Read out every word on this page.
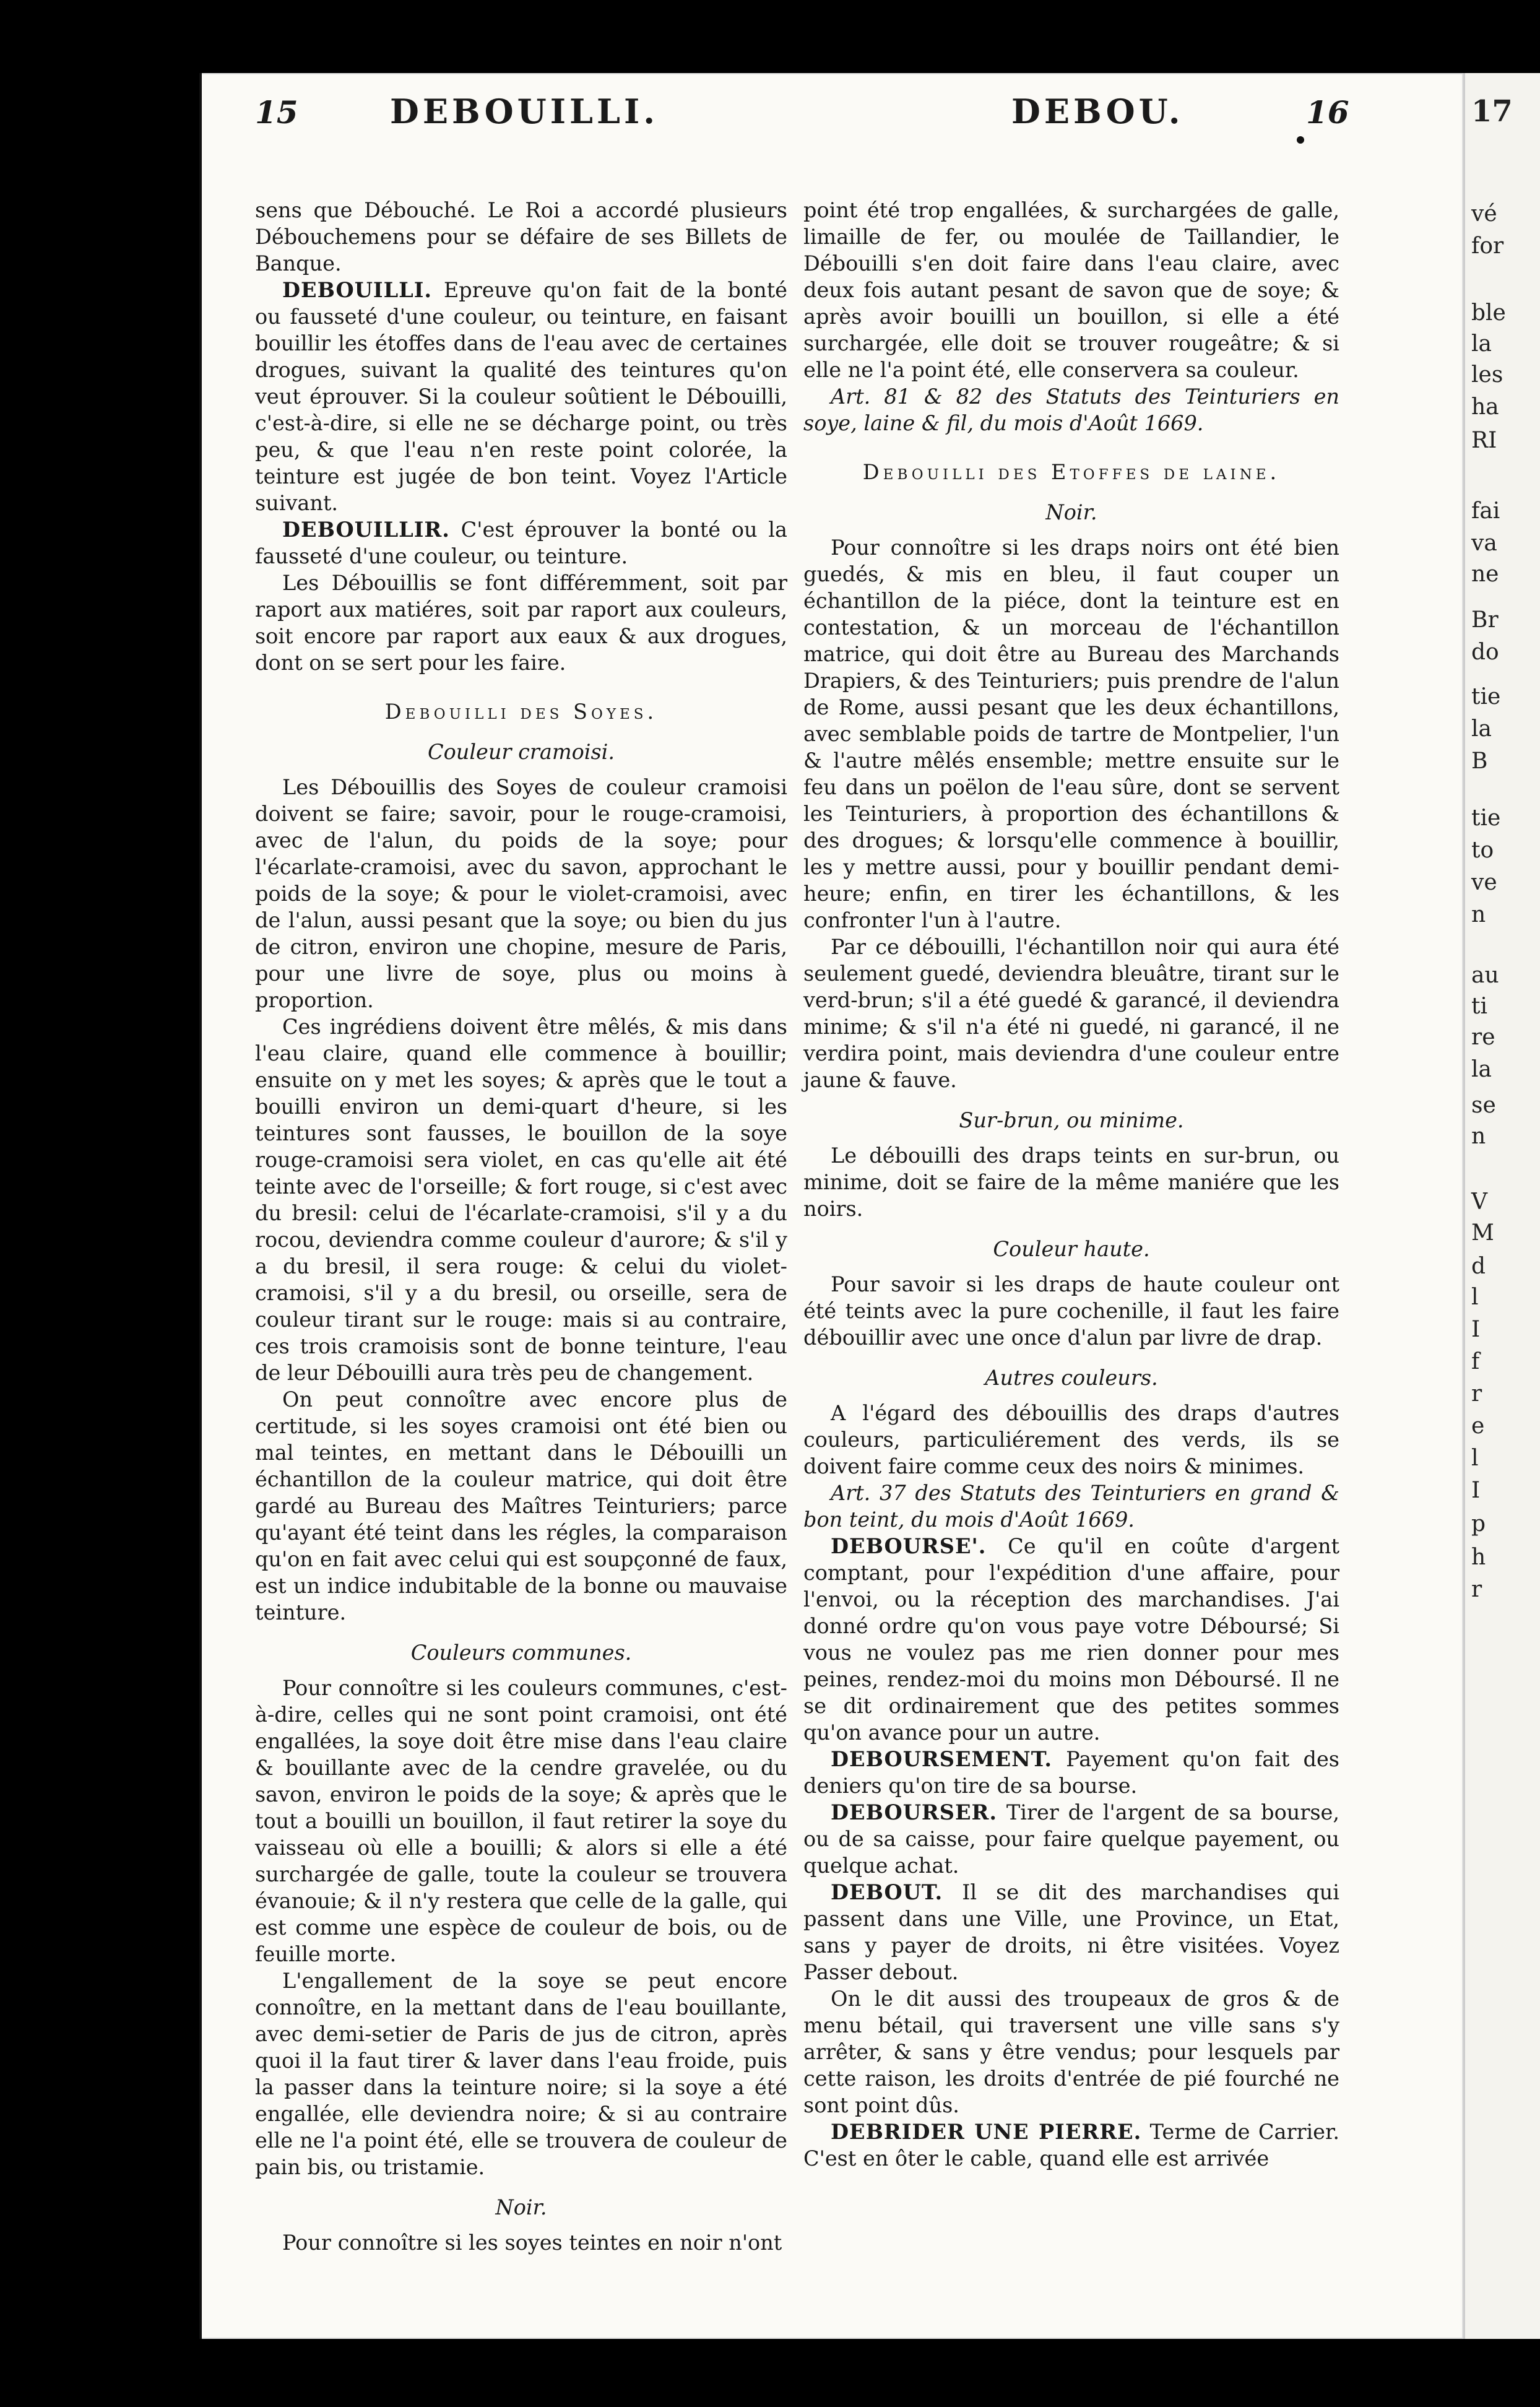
17
vé
for
ble
la
les
ha
RI
fai
va
ne
Br
do
tie
la
B
tie
to
ve
n
au
ti
re
la
se
n
V
M
d
l
I
f
r
e
l
I
p
h
r
15	DEBOUILLI.	DEBOU.	16

sens que Débouché. Le Roi a accordé plusieurs Débouchemens pour se défaire de ses Billets de Banque.

DEBOUILLI. Epreuve qu'on fait de la bonté ou fausseté d'une couleur, ou teinture, en faisant bouillir les étoffes dans de l'eau avec de certaines drogues, suivant la qualité des teintures qu'on veut éprouver. Si la couleur soûtient le Débouilli, c'est-à-dire, si elle ne se décharge point, ou très peu, & que l'eau n'en reste point colorée, la teinture est jugée de bon teint. Voyez l'Article suivant.

DEBOUILLIR. C'est éprouver la bonté ou la fausseté d'une couleur, ou teinture.

Les Débouillis se font différemment, soit par raport aux matiéres, soit par raport aux couleurs, soit encore par raport aux eaux & aux drogues, dont on se sert pour les faire.

Debouilli des Soyes.

Couleur cramoisi.

Les Débouillis des Soyes de couleur cramoisi doivent se faire; savoir, pour le rouge-cramoisi, avec de l'alun, du poids de la soye; pour l'écarlate-cramoisi, avec du savon, approchant le poids de la soye; & pour le violet-cramoisi, avec de l'alun, aussi pesant que la soye; ou bien du jus de citron, environ une chopine, mesure de Paris, pour une livre de soye, plus ou moins à proportion.

Ces ingrédiens doivent être mêlés, & mis dans l'eau claire, quand elle commence à bouillir; ensuite on y met les soyes; & après que le tout a bouilli environ un demi-quart d'heure, si les teintures sont fausses, le bouillon de la soye rouge-cramoisi sera violet, en cas qu'elle ait été teinte avec de l'orseille; & fort rouge, si c'est avec du bresil: celui de l'écarlate-cramoisi, s'il y a du rocou, deviendra comme couleur d'aurore; & s'il y a du bresil, il sera rouge: & celui du violet-cramoisi, s'il y a du bresil, ou orseille, sera de couleur tirant sur le rouge: mais si au contraire, ces trois cramoisis sont de bonne teinture, l'eau de leur Débouilli aura très peu de changement.

On peut connoître avec encore plus de certitude, si les soyes cramoisi ont été bien ou mal teintes, en mettant dans le Débouilli un échantillon de la couleur matrice, qui doit être gardé au Bureau des Maîtres Teinturiers; parce qu'ayant été teint dans les régles, la comparaison qu'on en fait avec celui qui est soupçonné de faux, est un indice indubitable de la bonne ou mauvaise teinture.

Couleurs communes.

Pour connoître si les couleurs communes, c'est-à-dire, celles qui ne sont point cramoisi, ont été engallées, la soye doit être mise dans l'eau claire & bouillante avec de la cendre gravelée, ou du savon, environ le poids de la soye; & après que le tout a bouilli un bouillon, il faut retirer la soye du vaisseau où elle a bouilli; & alors si elle a été surchargée de galle, toute la couleur se trouvera évanouie; & il n'y restera que celle de la galle, qui est comme une espèce de couleur de bois, ou de feuille morte.

L'engallement de la soye se peut encore connoître, en la mettant dans de l'eau bouillante, avec demi-setier de Paris de jus de citron, après quoi il la faut tirer & laver dans l'eau froide, puis la passer dans la teinture noire; si la soye a été engallée, elle deviendra noire; & si au contraire elle ne l'a point été, elle se trouvera de couleur de pain bis, ou tristamie.

Noir.

Pour connoître si les soyes teintes en noir n'ont

point été trop engallées, & surchargées de galle, limaille de fer, ou moulée de Taillandier, le Débouilli s'en doit faire dans l'eau claire, avec deux fois autant pesant de savon que de soye; & après avoir bouilli un bouillon, si elle a été surchargée, elle doit se trouver rougeâtre; & si elle ne l'a point été, elle conservera sa couleur.

Art. 81 & 82 des Statuts des Teinturiers en soye, laine & fil, du mois d'Août 1669.

Debouilli des Etoffes de laine.

Noir.

Pour connoître si les draps noirs ont été bien guedés, & mis en bleu, il faut couper un échantillon de la piéce, dont la teinture est en contestation, & un morceau de l'échantillon matrice, qui doit être au Bureau des Marchands Drapiers, & des Teinturiers; puis prendre de l'alun de Rome, aussi pesant que les deux échantillons, avec semblable poids de tartre de Montpelier, l'un & l'autre mêlés ensemble; mettre ensuite sur le feu dans un poëlon de l'eau sûre, dont se servent les Teinturiers, à proportion des échantillons & des drogues; & lorsqu'elle commence à bouillir, les y mettre aussi, pour y bouillir pendant demi-heure; enfin, en tirer les échantillons, & les confronter l'un à l'autre.

Par ce débouilli, l'échantillon noir qui aura été seulement guedé, deviendra bleuâtre, tirant sur le verd-brun; s'il a été guedé & garancé, il deviendra minime; & s'il n'a été ni guedé, ni garancé, il ne verdira point, mais deviendra d'une couleur entre jaune & fauve.

Sur-brun, ou minime.

Le débouilli des draps teints en sur-brun, ou minime, doit se faire de la même maniére que les noirs.

Couleur haute.

Pour savoir si les draps de haute couleur ont été teints avec la pure cochenille, il faut les faire débouillir avec une once d'alun par livre de drap.

Autres couleurs.

A l'égard des débouillis des draps d'autres couleurs, particuliérement des verds, ils se doivent faire comme ceux des noirs & minimes.

Art. 37 des Statuts des Teinturiers en grand & bon teint, du mois d'Août 1669.

DEBOURSE'. Ce qu'il en coûte d'argent comptant, pour l'expédition d'une affaire, pour l'envoi, ou la réception des marchandises. J'ai donné ordre qu'on vous paye votre Déboursé; Si vous ne voulez pas me rien donner pour mes peines, rendez-moi du moins mon Déboursé. Il ne se dit ordinairement que des petites sommes qu'on avance pour un autre.

DEBOURSEMENT. Payement qu'on fait des deniers qu'on tire de sa bourse.

DEBOURSER. Tirer de l'argent de sa bourse, ou de sa caisse, pour faire quelque payement, ou quelque achat.

DEBOUT. Il se dit des marchandises qui passent dans une Ville, une Province, un Etat, sans y payer de droits, ni être visitées. Voyez Passer debout.

On le dit aussi des troupeaux de gros & de menu bétail, qui traversent une ville sans s'y arrêter, & sans y être vendus; pour lesquels par cette raison, les droits d'entrée de pié fourché ne sont point dûs.

DEBRIDER UNE PIERRE. Terme de Carrier. C'est en ôter le cable, quand elle est arrivée
